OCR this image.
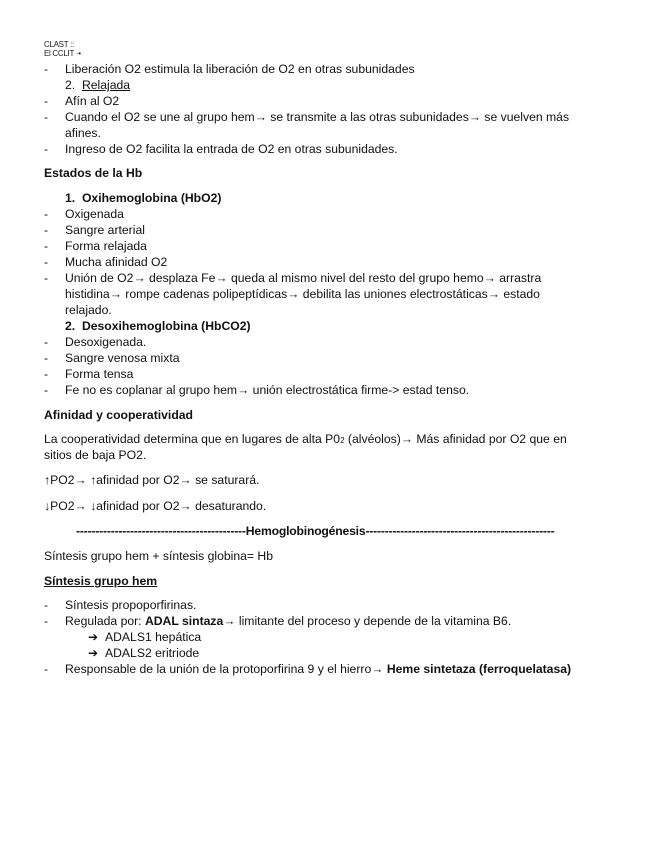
CLAST ::
El CCLIT ·•
- Liberación O2 estimula la liberación de O2 en otras subunidades
2. Relajada
- Afín al O2
- Cuando el O2 se une al grupo hem→ se transmite a las otras subunidades→ se vuelven más
afines.
- Ingreso de O2 facilita la entrada de O2 en otras subunidades.
Estados de la Hb
1. Oxihemoglobina (HbO2)
- Oxigenada
- Sangre arterial
- Forma relajada
- Mucha afinidad O2
- Unión de O2→ desplaza Fe→ queda al mismo nivel del resto del grupo hemo→ arrastra
histidina→ rompe cadenas polipeptídicas→ debilita las uniones electrostáticas→ estado
relajado.
2. Desoxihemoglobina (HbCO2)
- Desoxigenada.
- Sangre venosa mixta
- Forma tensa
- Fe no es coplanar al grupo hem→ unión electrostática firme-> estad tenso.
Afinidad y cooperatividad
La cooperatividad determina que en lugares de alta P02 (alvéolos)→ Más afinidad por O2 que en
sitios de baja PO2.
↑PO2→ ↑afinidad por O2→ se saturará.
↓PO2→ ↓afinidad por O2→ desaturando.
--------------------------------------------Hemoglobinogénesis-------------------------------------------------
Síntesis grupo hem + síntesis globina= Hb
Síntesis grupo hem
- Síntesis propoporfirinas.
- Regulada por: ADAL sintaza→ limitante del proceso y depende de la vitamina B6.
➔ ADALS1 hepática
➔ ADALS2 eritriode
- Responsable de la unión de la protoporfirina 9 y el hierro→ Heme sintetaza (ferroquelatasa)
